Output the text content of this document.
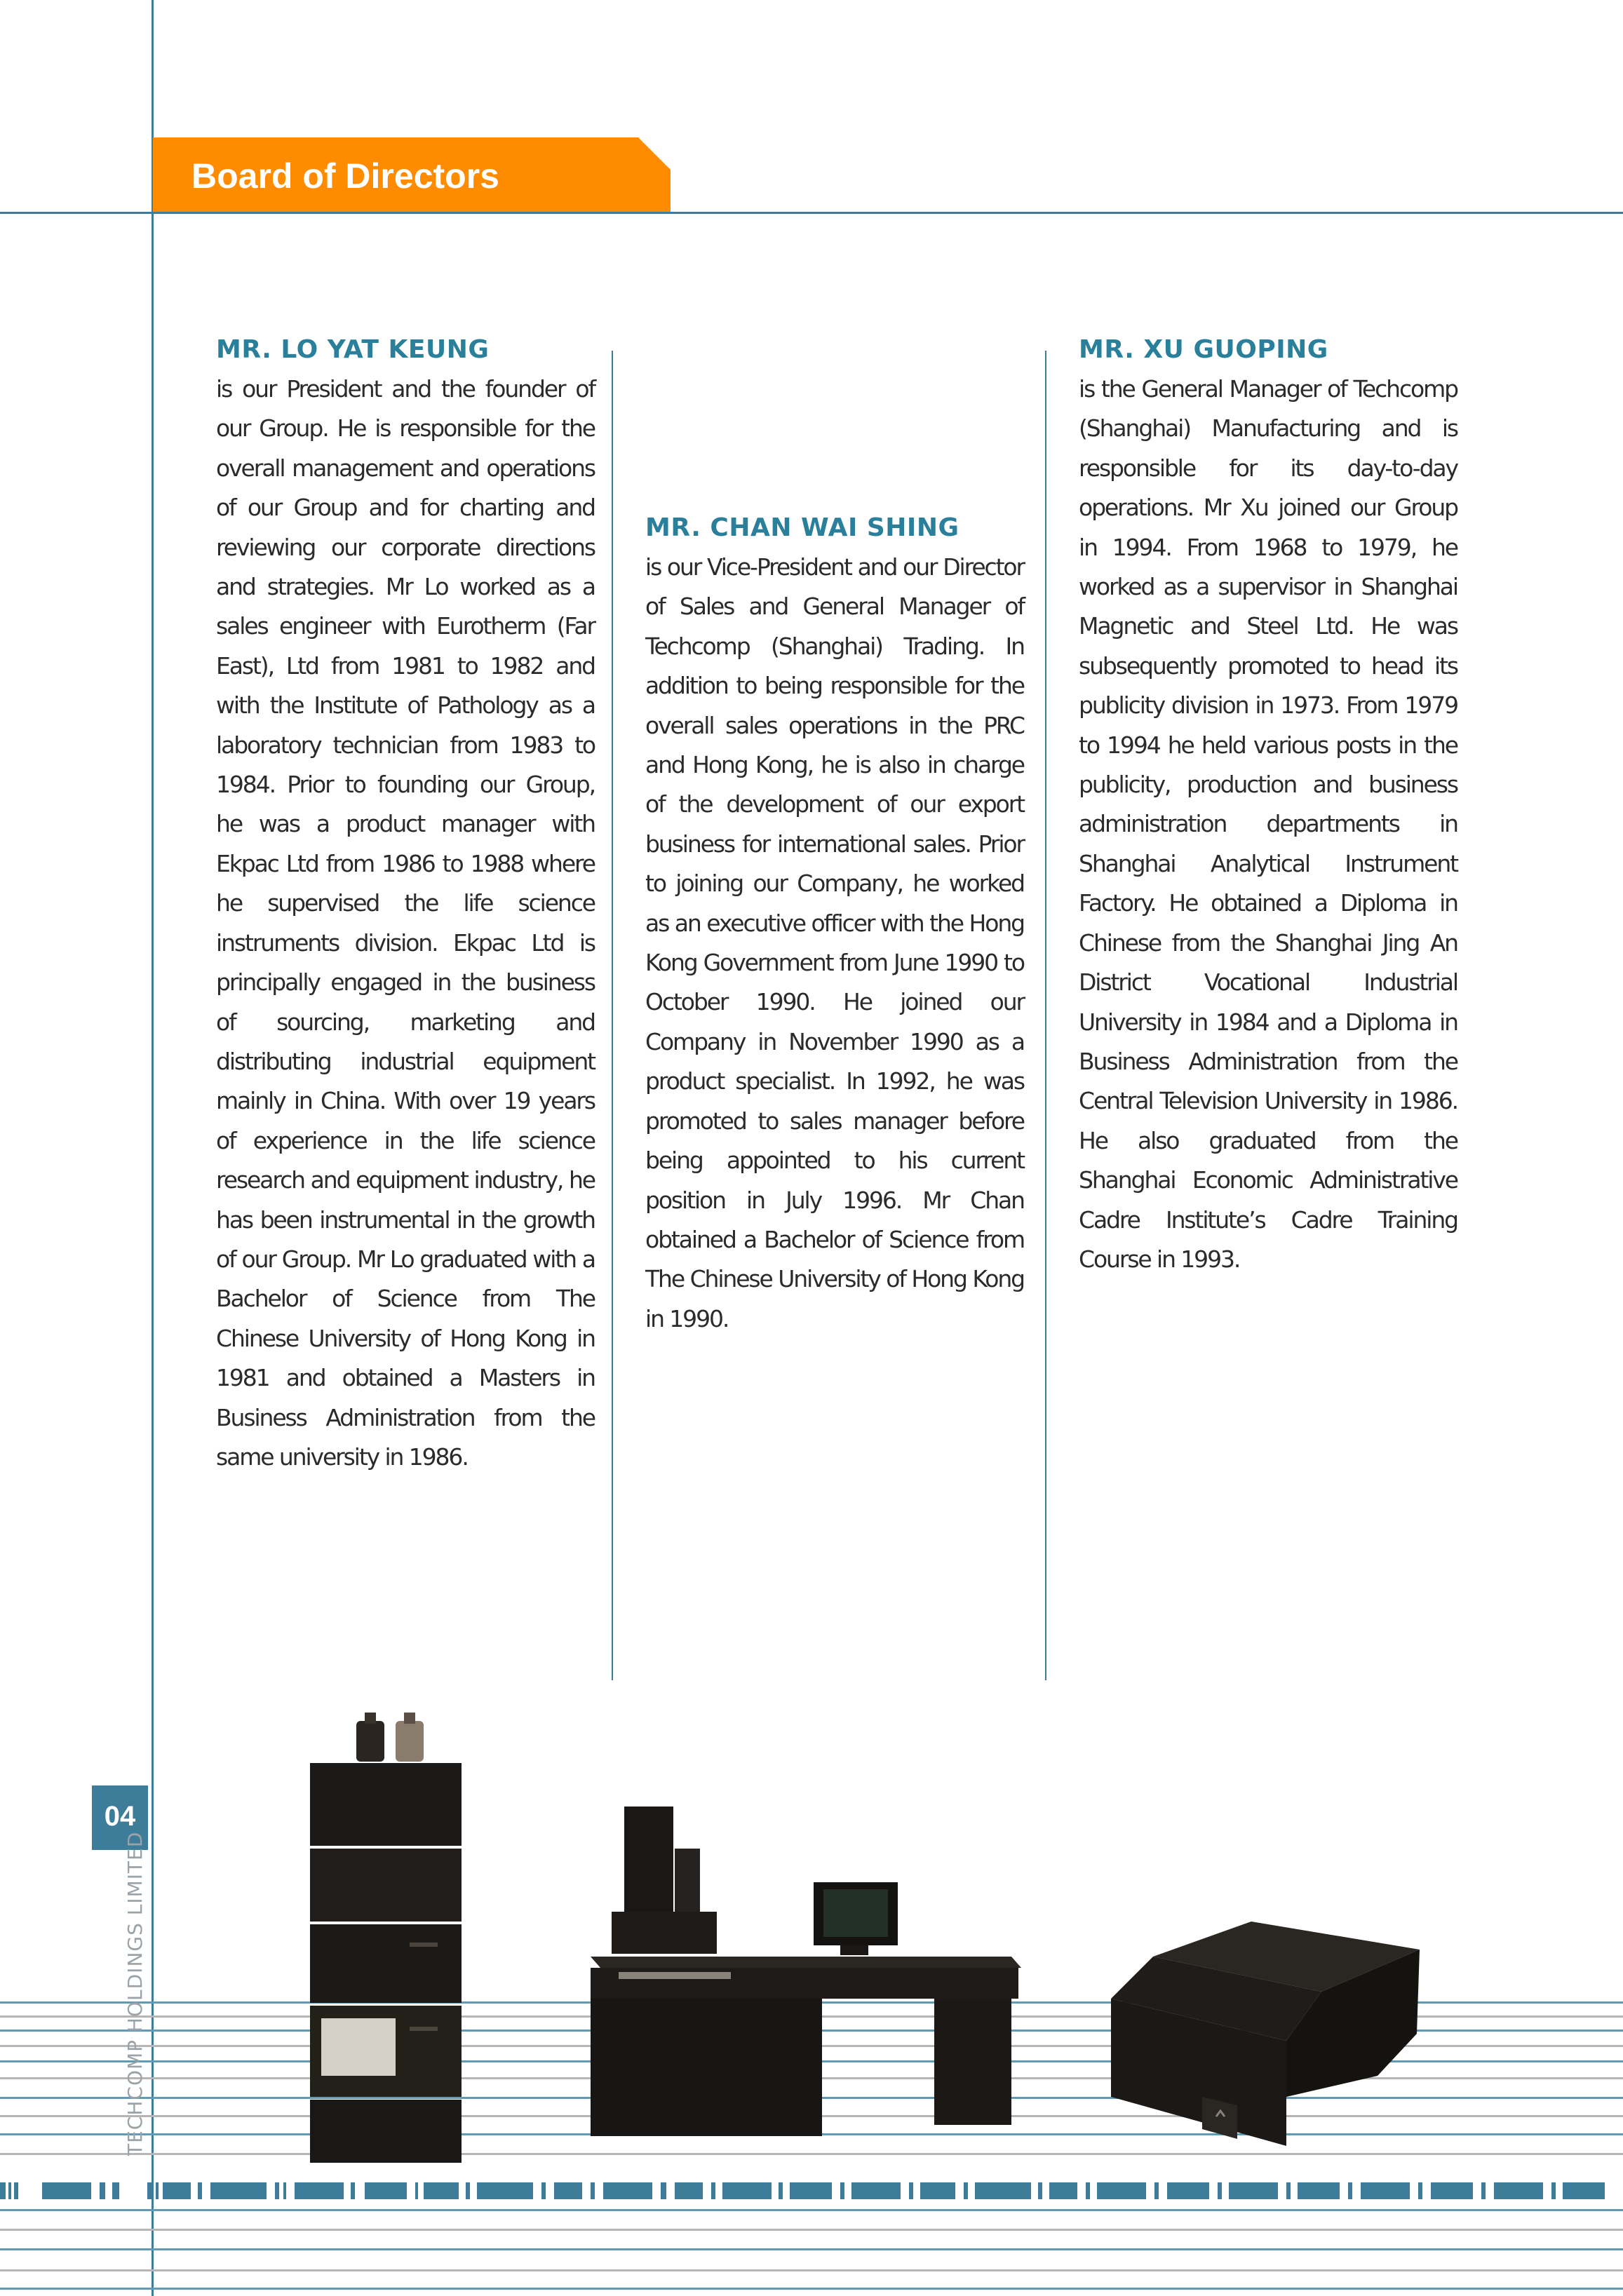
Board of Directors
MR. LO YAT KEUNG

is our President and the founder of our Group. He is responsible for the overall management and operations of our Group and for charting and reviewing our corporate directions and strategies. Mr Lo worked as a sales engineer with Eurotherm (Far East), Ltd from 1981 to 1982 and with the Institute of Pathology as a laboratory technician from 1983 to 1984. Prior to founding our Group, he was a product manager with Ekpac Ltd from 1986 to 1988 where he supervised the life science instruments division. Ekpac Ltd is principally engaged in the business of sourcing, marketing and distributing industrial equipment mainly in China. With over 19 years of experience in the life science research and equipment industry, he has been instrumental in the growth of our Group. Mr Lo graduated with a Bachelor of Science from The Chinese University of Hong Kong in 1981 and obtained a Masters in Business Administration from the same university in 1986.

MR. CHAN WAI SHING

is our Vice-President and our Director of Sales and General Manager of Techcomp (Shanghai) Trading. In addition to being responsible for the overall sales operations in the PRC and Hong Kong, he is also in charge of the development of our export business for international sales. Prior to joining our Company, he worked as an executive officer with the Hong Kong Government from June 1990 to October 1990. He joined our Company in November 1990 as a product specialist. In 1992, he was promoted to sales manager before being appointed to his current position in July 1996. Mr Chan obtained a Bachelor of Science from The Chinese University of Hong Kong in 1990.

MR. XU GUOPING

is the General Manager of Techcomp (Shanghai) Manufacturing and is responsible for its day-to-day operations. Mr Xu joined our Group in 1994. From 1968 to 1979, he worked as a supervisor in Shanghai Magnetic and Steel Ltd. He was subsequently promoted to head its publicity division in 1973. From 1979 to 1994 he held various posts in the publicity, production and business administration departments in Shanghai Analytical Instrument Factory. He obtained a Diploma in Chinese from the Shanghai Jing An District Vocational Industrial University in 1984 and a Diploma in Business Administration from the Central Television University in 1986. He also graduated from the Shanghai Economic Administrative Cadre Institute’s Cadre Training Course in 1993.

04
TECHCOMP HOLDINGS LIMITED
